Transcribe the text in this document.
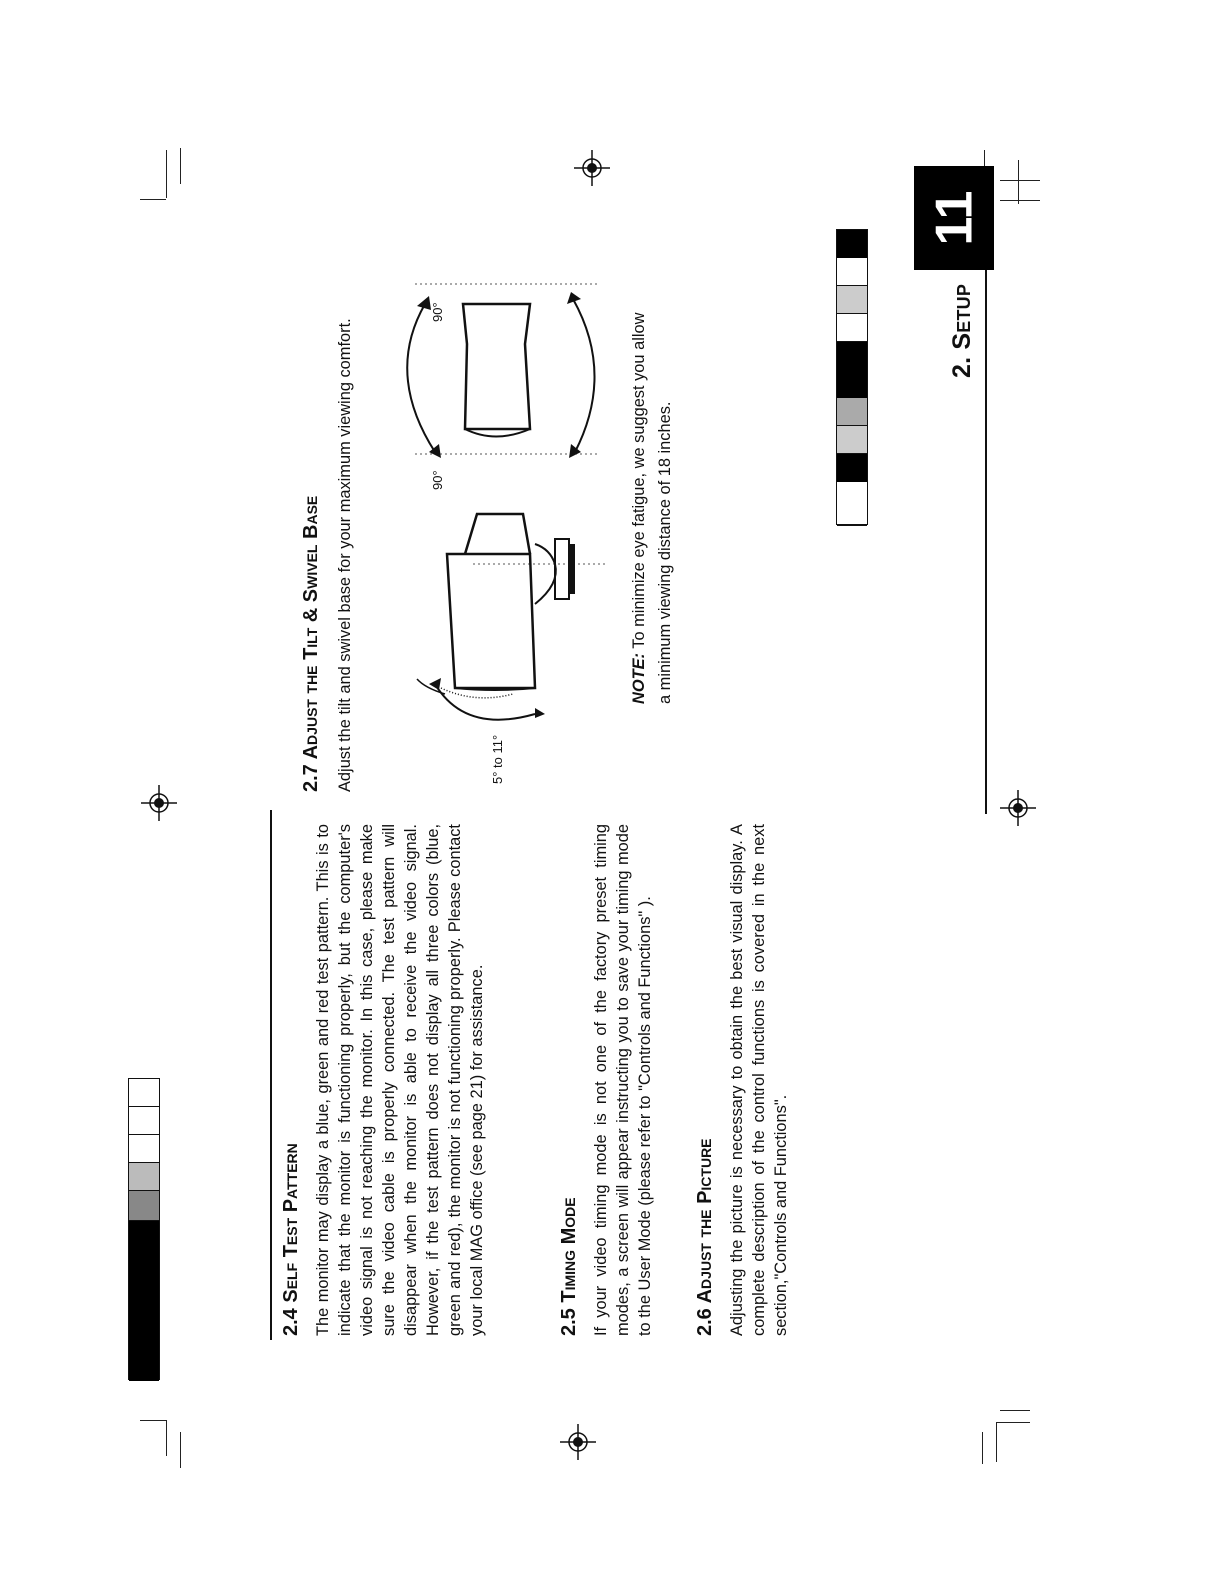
2. Setup
2.4 Self Test Pattern The monitor may display a blue, green and red test pattern. This is to indicate that the monitor is functioning properly, but the computer's video signal is not reaching the monitor. In this case, please make sure the video cable is properly connected. The test pattern will disappear when the monitor is able to receive the video signal. However, if the test pattern does not display all three colors (blue, green and red), the monitor is not functioning properly. Please contact your local MAG office (see page 21) for assistance.	2.5 Timing Mode If your video timing mode is not one of the factory preset timing modes, a screen will appear instructing you to save your timing mode to the User Mode (please refer to "Controls and Functions" ). 2.6 Adjust the Picture Adjusting the picture is necessary to obtain the best visual display. A complete description of the control functions is covered in the next section,"Controls and Functions".
2.7 Adjust the Tilt & Swivel Base Adjust the tilt and swivel base for your maximum viewing comfort.	5° to 11°
90°
90°
NOTE: To minimize eye fatigue, we suggest you allow a minimum viewing distance of 18 inches.
11
